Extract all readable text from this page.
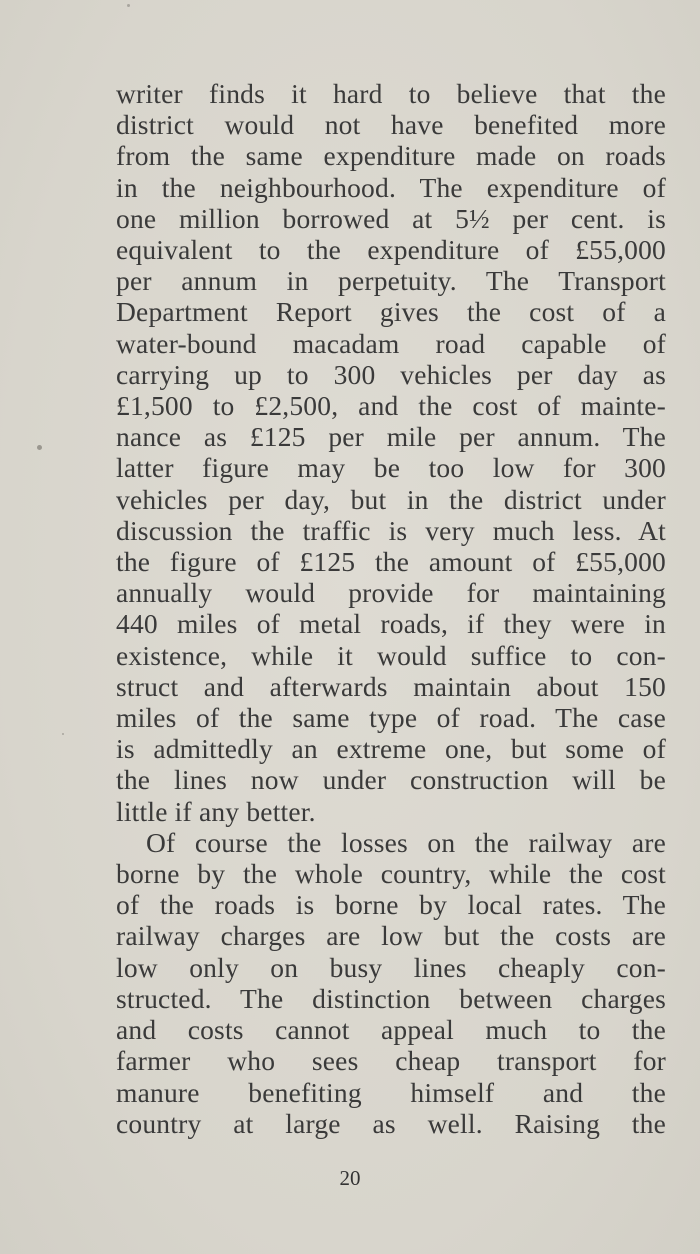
writer finds it hard to believe that the
district would not have benefited more
from the same expenditure made on roads
in the neighbourhood. The expenditure of
one million borrowed at 5½ per cent. is
equivalent to the expenditure of £55,000
per annum in perpetuity. The Transport
Department Report gives the cost of a
water-bound macadam road capable of
carrying up to 300 vehicles per day as
£1,500 to £2,500, and the cost of mainte-
nance as £125 per mile per annum. The
latter figure may be too low for 300
vehicles per day, but in the district under
discussion the traffic is very much less. At
the figure of £125 the amount of £55,000
annually would provide for maintaining
440 miles of metal roads, if they were in
existence, while it would suffice to con-
struct and afterwards maintain about 150
miles of the same type of road. The case
is admittedly an extreme one, but some of
the lines now under construction will be
little if any better.
Of course the losses on the railway are
borne by the whole country, while the cost
of the roads is borne by local rates. The
railway charges are low but the costs are
low only on busy lines cheaply con-
structed. The distinction between charges
and costs cannot appeal much to the
farmer who sees cheap transport for
manure benefiting himself and the
country at large as well. Raising the
20
